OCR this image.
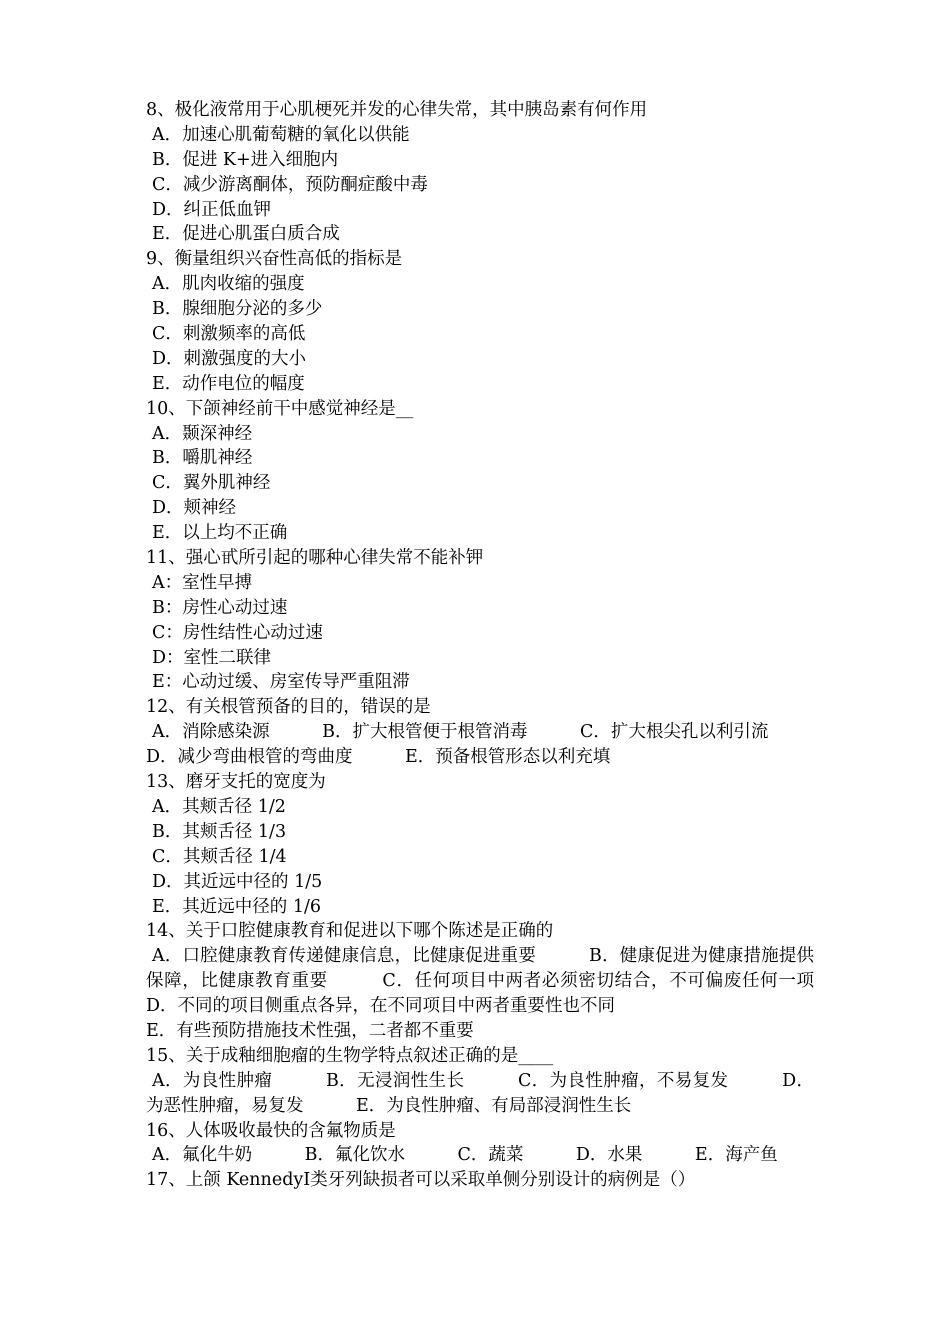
8、极化液常用于心肌梗死并发的心律失常，其中胰岛素有何作用
A．加速心肌葡萄糖的氧化以供能
B．促进 K+进入细胞内
C．减少游离酮体，预防酮症酸中毒
D．纠正低血钾
E．促进心肌蛋白质合成
9、衡量组织兴奋性高低的指标是
A．肌肉收缩的强度
B．腺细胞分泌的多少
C．刺激频率的高低
D．刺激强度的大小
E．动作电位的幅度
10、下颌神经前干中感觉神经是__
A．颞深神经
B．嚼肌神经
C．翼外肌神经
D．颊神经
E．以上均不正确
11、强心甙所引起的哪种心律失常不能补钾
A：室性早搏
B：房性心动过速
C：房性结性心动过速
D：室性二联律
E：心动过缓、房室传导严重阻滞
12、有关根管预备的目的，错误的是
A．消除感染源　　　B．扩大根管便于根管消毒　　　C．扩大根尖孔以利引流
D．减少弯曲根管的弯曲度　　　E．预备根管形态以利充填
13、磨牙支托的宽度为
A．其颊舌径 1/2
B．其颊舌径 1/3
C．其颊舌径 1/4
D．其近远中径的 1/5
E．其近远中径的 1/6
14、关于口腔健康教育和促进以下哪个陈述是正确的
A．口腔健康教育传递健康信息，比健康促进重要　　　B．健康促进为健康措施提供保障，比健康教育重要　　　C．任何项目中两者必须密切结合，不可偏废任何一项　　　D．不同的项目侧重点各异，在不同项目中两者重要性也不同
E．有些预防措施技术性强，二者都不重要
15、关于成釉细胞瘤的生物学特点叙述正确的是____
A．为良性肿瘤　　　B．无浸润性生长　　　C．为良性肿瘤，不易复发　　　D．为恶性肿瘤，易复发　　　E．为良性肿瘤、有局部浸润性生长
16、人体吸收最快的含氟物质是
A．氟化牛奶　　　B．氟化饮水　　　C．蔬菜　　　D．水果　　　E．海产鱼
17、上颌 KennedyⅠ类牙列缺损者可以采取单侧分别设计的病例是（）
